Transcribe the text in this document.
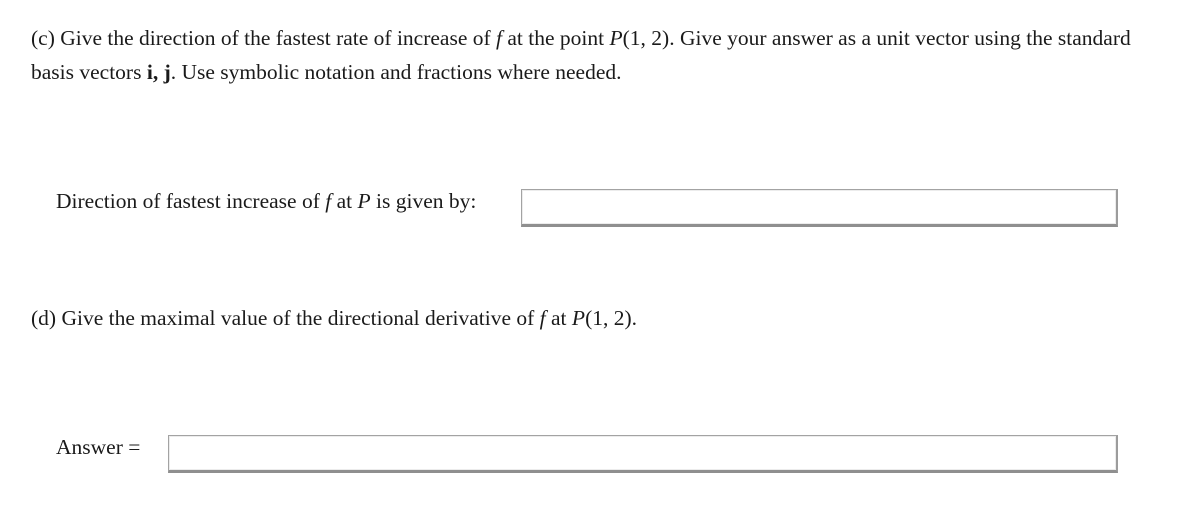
(c) Give the direction of the fastest rate of increase of f at the point P(1, 2). Give your answer as a unit vector using the standard
basis vectors i, j. Use symbolic notation and fractions where needed.
Direction of fastest increase of f at P is given by:
(d) Give the maximal value of the directional derivative of f at P(1, 2).
Answer =
